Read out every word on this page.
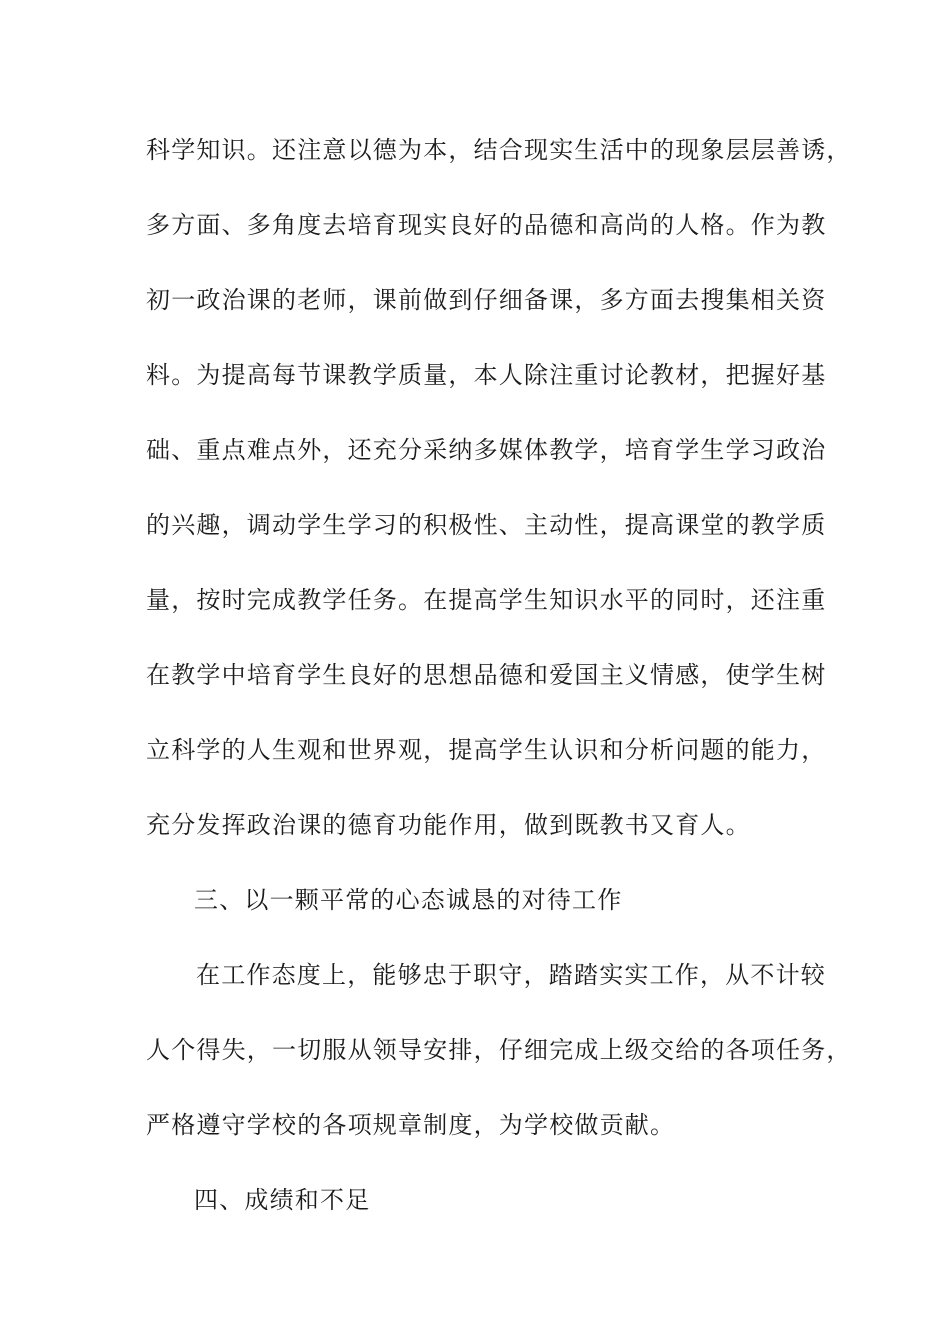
科学知识。还注意以德为本，结合现实生活中的现象层层善诱，
多方面、多角度去培育现实良好的品德和高尚的人格。作为教
初一政治课的老师，课前做到仔细备课，多方面去搜集相关资
料。为提高每节课教学质量，本人除注重讨论教材，把握好基
础、重点难点外，还充分采纳多媒体教学，培育学生学习政治
的兴趣，调动学生学习的积极性、主动性，提高课堂的教学质
量，按时完成教学任务。在提高学生知识水平的同时，还注重
在教学中培育学生良好的思想品德和爱国主义情感，使学生树
立科学的人生观和世界观，提高学生认识和分析问题的能力，
充分发挥政治课的德育功能作用，做到既教书又育人。
三、以一颗平常的心态诚恳的对待工作
在工作态度上，能够忠于职守，踏踏实实工作，从不计较
人个得失，一切服从领导安排，仔细完成上级交给的各项任务，
严格遵守学校的各项规章制度，为学校做贡献。
四、成绩和不足
